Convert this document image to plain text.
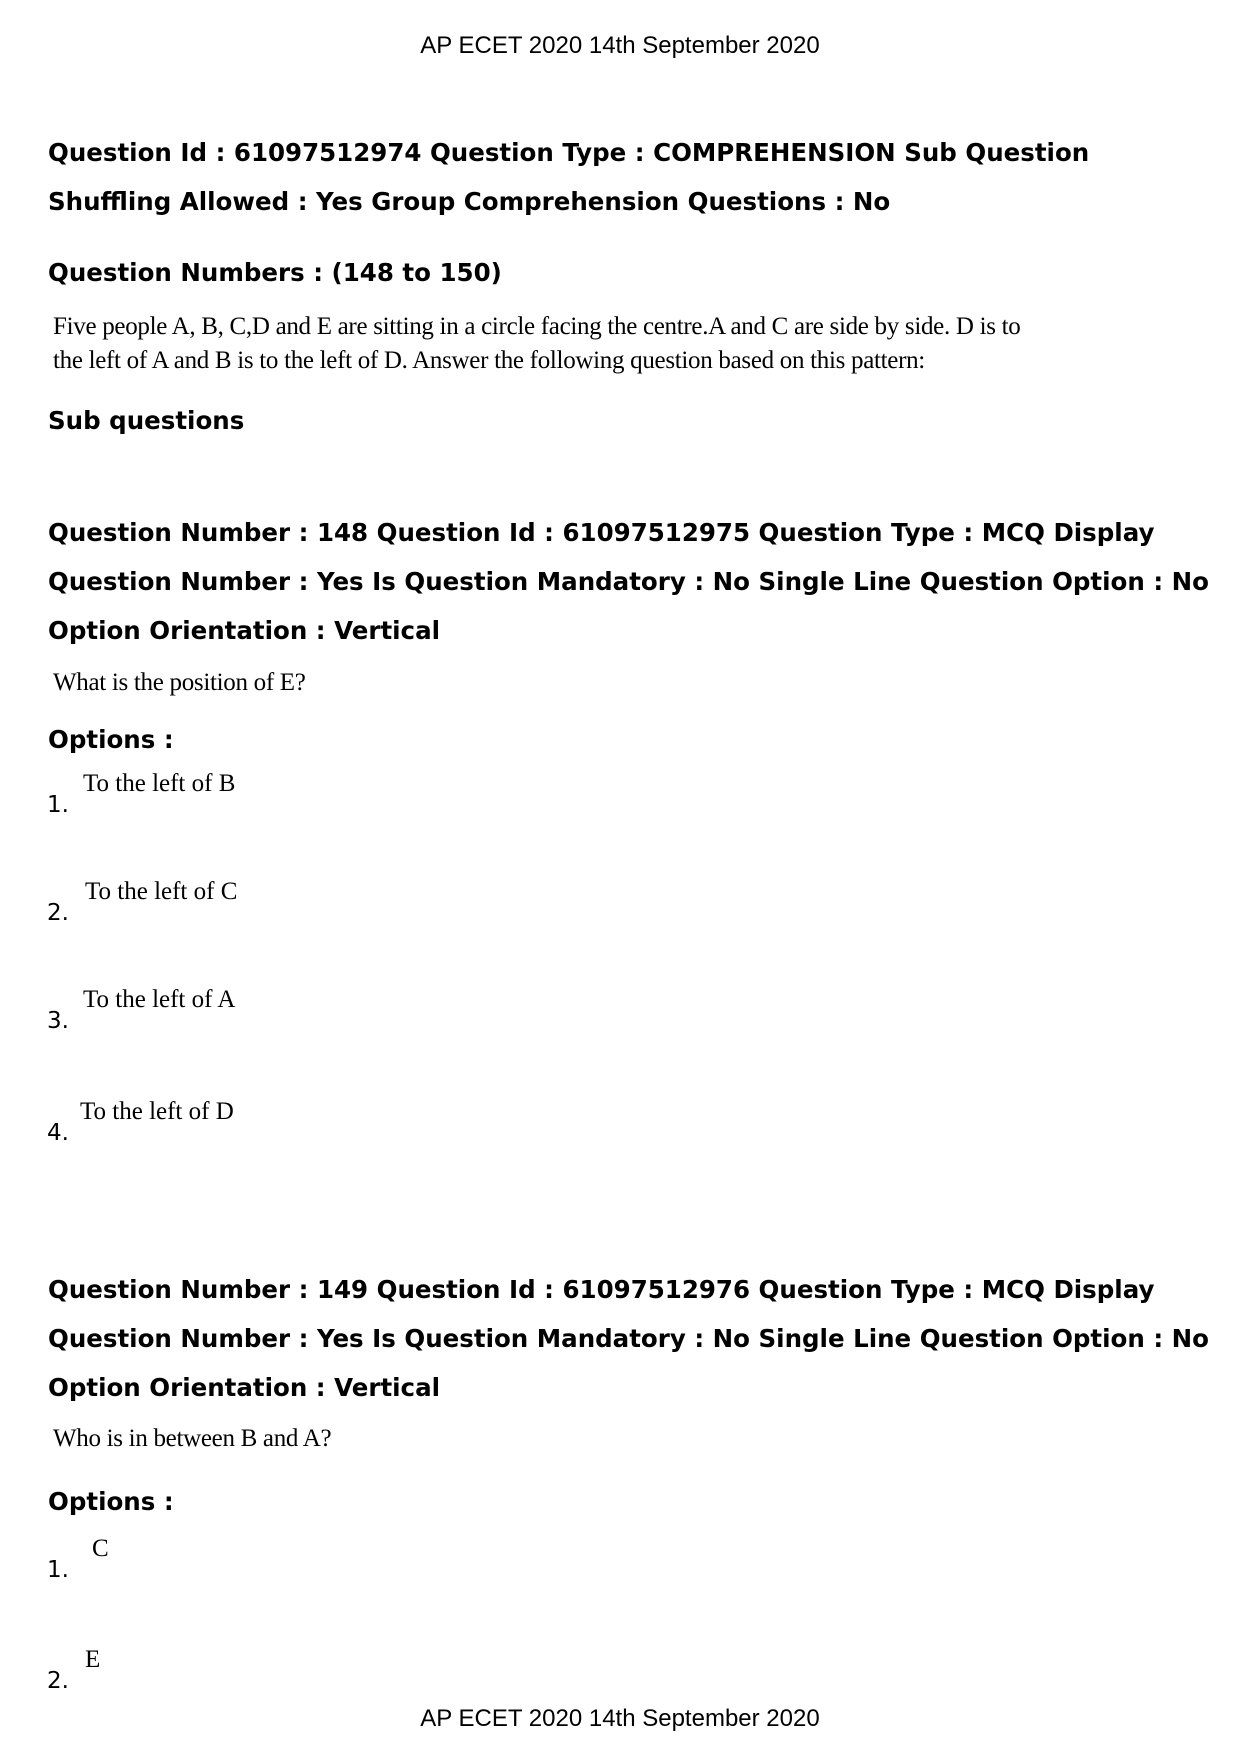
AP ECET 2020 14th September 2020
Question Id : 61097512974 Question Type : COMPREHENSION Sub Question Shuffling Allowed : Yes Group Comprehension Questions : No
Question Numbers : (148 to 150)
Five people A, B, C,D and E are sitting in a circle facing the centre.A and C are side by side. D is to
the left of A and B is to the left of D. Answer the following question based on this pattern:
Sub questions
Question Number : 148 Question Id : 61097512975 Question Type : MCQ Display Question Number : Yes Is Question Mandatory : No Single Line Question Option : No Option Orientation : Vertical
What is the position of E?
Options :
1.
To the left of B
2.
To the left of C
3.
To the left of A
4.
To the left of D
Question Number : 149 Question Id : 61097512976 Question Type : MCQ Display Question Number : Yes Is Question Mandatory : No Single Line Question Option : No Option Orientation : Vertical
Who is in between B and A?
Options :
1.
C
2.
E
AP ECET 2020 14th September 2020
